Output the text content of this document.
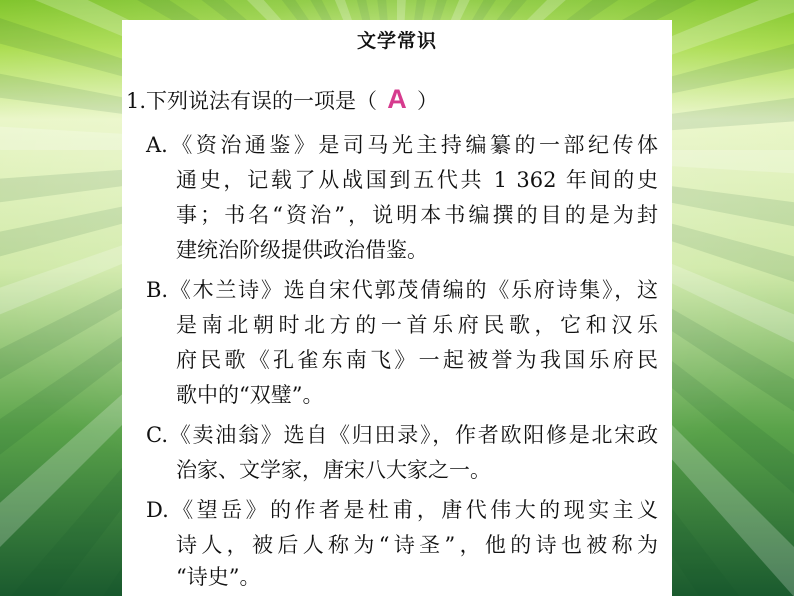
文学常识
1.下列说法有误的一项是（ A ）
A.《资治通鉴》是司马光主持编纂的一部纪传体
通史，记载了从战国到五代共 1 362 年间的史
事；书名“资治”，说明本书编撰的目的是为封
建统治阶级提供政治借鉴。
B.《木兰诗》选自宋代郭茂倩编的《乐府诗集》，这
是南北朝时北方的一首乐府民歌，它和汉乐
府民歌《孔雀东南飞》一起被誉为我国乐府民
歌中的“双璧”。
C.《卖油翁》选自《归田录》，作者欧阳修是北宋政
治家、文学家，唐宋八大家之一。
D.《望岳》的作者是杜甫，唐代伟大的现实主义
诗人，被后人称为“诗圣”，他的诗也被称为
“诗史”。
